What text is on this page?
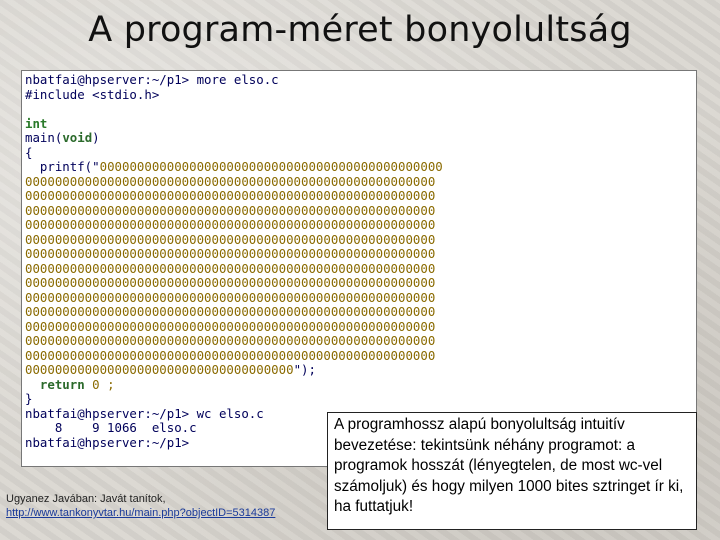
A program-méret bonyolultság
nbatfai@hpserver:~/p1> more elso.c
#include <stdio.h>

int
main(void)
{
printf("0000000000000000000000000000000000000000000000
0000000000000000000000000000000000000000000000000000000
0000000000000000000000000000000000000000000000000000000
0000000000000000000000000000000000000000000000000000000
0000000000000000000000000000000000000000000000000000000
0000000000000000000000000000000000000000000000000000000
0000000000000000000000000000000000000000000000000000000
0000000000000000000000000000000000000000000000000000000
0000000000000000000000000000000000000000000000000000000
0000000000000000000000000000000000000000000000000000000
0000000000000000000000000000000000000000000000000000000
0000000000000000000000000000000000000000000000000000000
0000000000000000000000000000000000000000000000000000000
0000000000000000000000000000000000000000000000000000000
000000000000000000000000000000000000");
return 0 ;
}
nbatfai@hpserver:~/p1> wc elso.c
8    9 1066  elso.c
nbatfai@hpserver:~/p1>
Ugyanez Javában: Javát tanítok,
http://www.tankonyvtar.hu/main.php?objectID=5314387
A programhossz alapú bonyolultság intuitív bevezetése: tekintsünk néhány programot: a programok hosszát (lényegtelen, de most wc-vel számoljuk) és hogy milyen 1000 bites sztringet ír ki, ha futtatjuk!
